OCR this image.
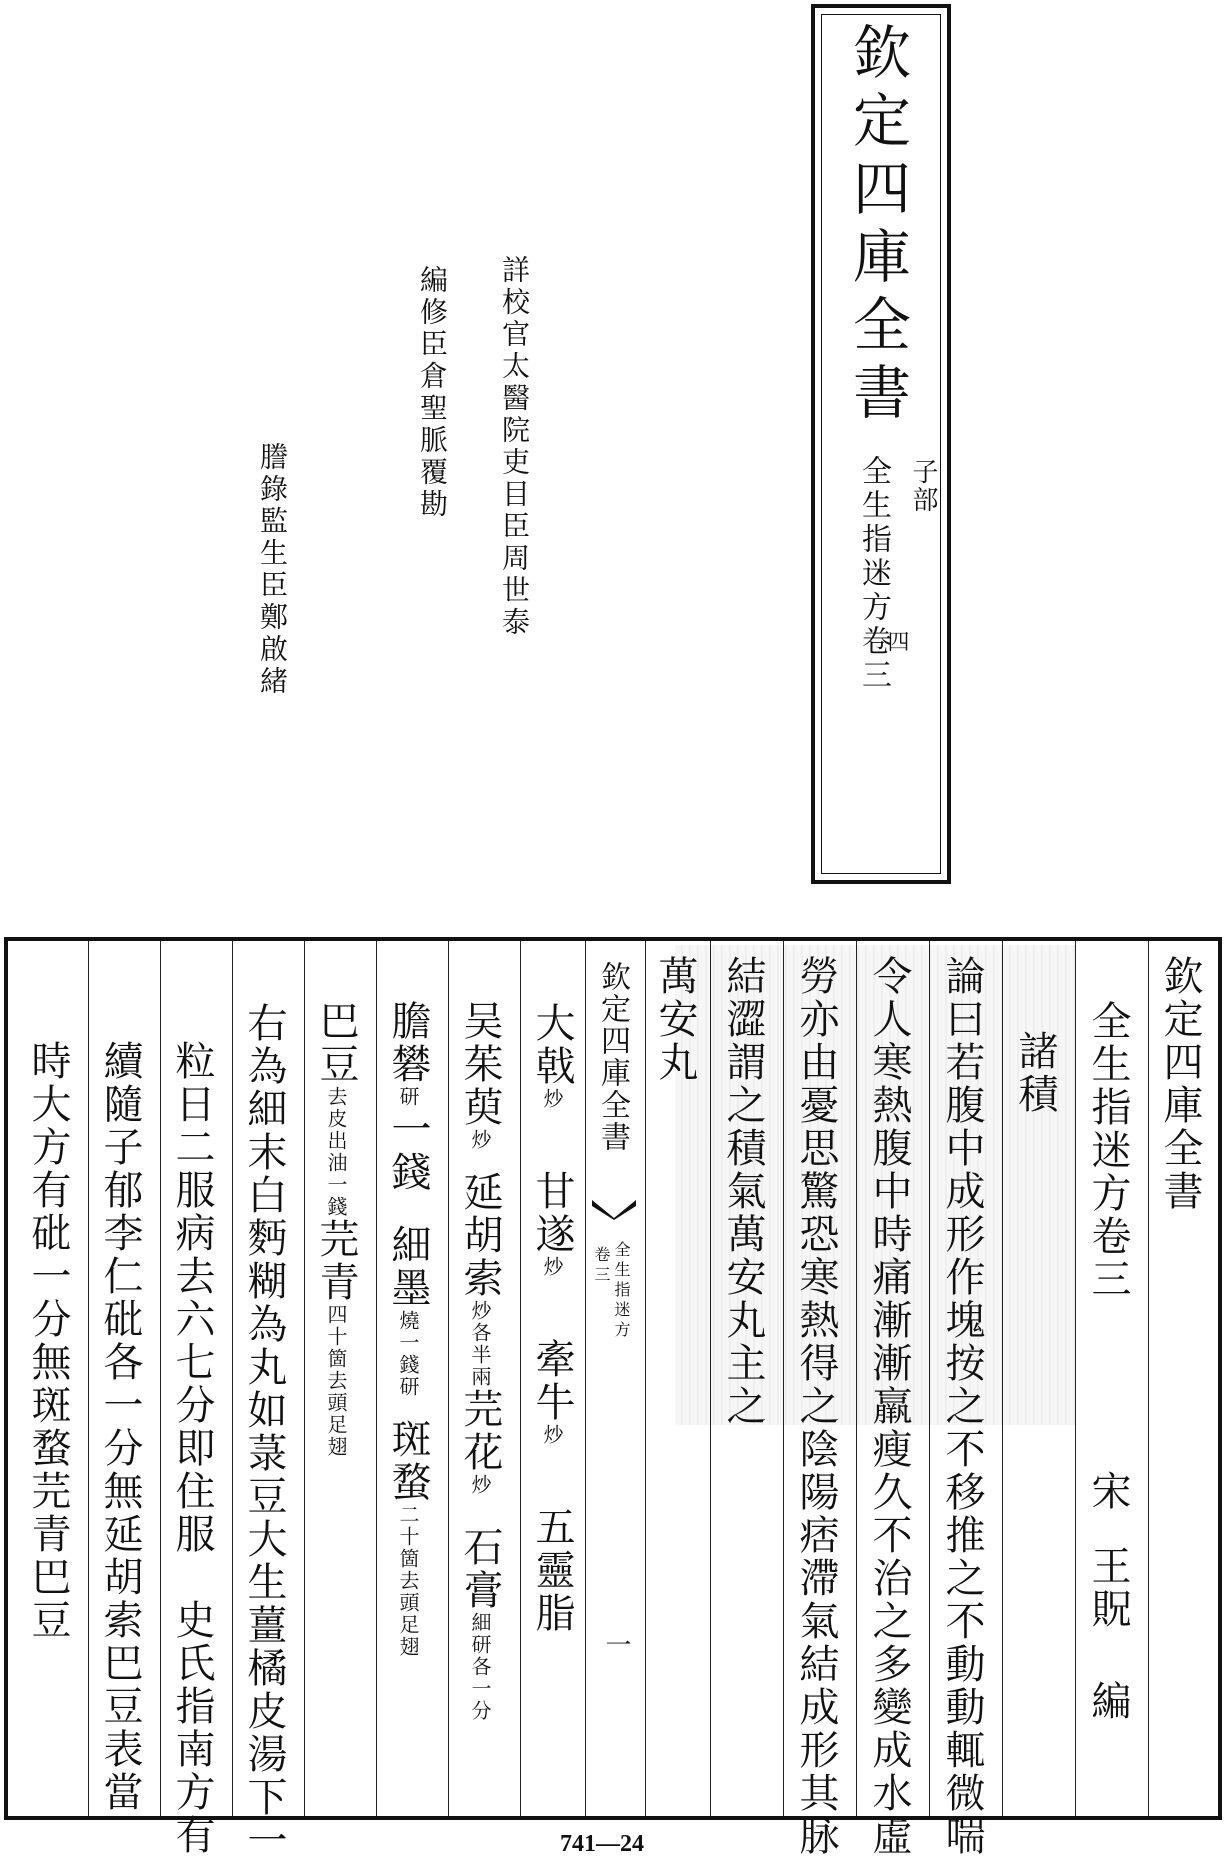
欽定四庫全書
全生指迷方卷三 子部
四
詳校官太醫院吏目臣周世泰
編修臣倉聖脈覆勘
謄錄監生臣鄭啟緒
欽定四庫全書
全生指迷方卷三
諸積
宋
王貺 編
論曰若腹中成形作塊按之不移推之不動動輒微喘
令人寒熱腹中時痛漸漸羸瘦久不治之多變成水虛
勞亦由憂思驚恐寒熱得之陰陽痞滯氣結成形其脉
結澀謂之積氣萬安丸主之
萬安丸
欽定四庫全書
全生指迷方
卷三
一
大戟炒甘遂炒牽牛炒五靈脂
吴茱萸炒延胡索炒各半兩芫花炒石膏細研各一分
膽礬研一錢細墨燒一錢研斑蝥二十箇去頭足翅
巴豆去皮出油一錢芫青四十箇去頭足翅
右為細末白麪糊為丸如菉豆大生薑橘皮湯下一
粒日二服病去六七分即住服　史氏指南方有
續隨子郁李仁砒各一分無延胡索巴豆表當
時大方有砒一分無斑蝥芫青巴豆
741—24
